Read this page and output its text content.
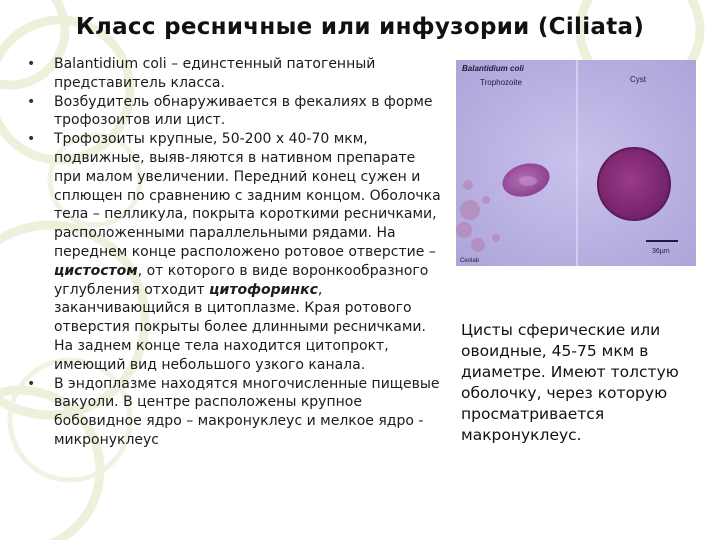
Класс ресничные или инфузории (Ciliata)
• Balantidium coli – единстенный патогенный представитель класса.
• Возбудитель обнаруживается в фекалиях в форме трофозоитов или цист.
• Трофозоиты крупные, 50-200 х 40-70 мкм, подвижные, выяв-ляются в нативном препарате при малом увеличении. Передний конец сужен и сплющен по сравнению с задним концом. Оболочка тела – пелликула, покрыта короткими ресничками, расположенными параллельными рядами. На переднем конце расположено ротовое отверстие – цистостом, от которого в виде воронкообразного углубления отходит цитофоринкс, заканчивающийся в цитоплазме. Края ротового отверстия покрыты более длинными ресничками. На заднем конце тела находится цитопрокт, имеющий вид небольшого узкого канала.
• В эндоплазме находятся многочисленные пищевые вакуоли. В центре расположены крупное бобовидное ядро – макронуклеус и мелкое ядро - микронуклеус
Balantidium coli
Trophozoite	Cyst
36µm
Ceolab
Цисты сферические или овоидные, 45-75 мкм в диаметре. Имеют толстую оболочку, через которую просматривается макронуклеус.
